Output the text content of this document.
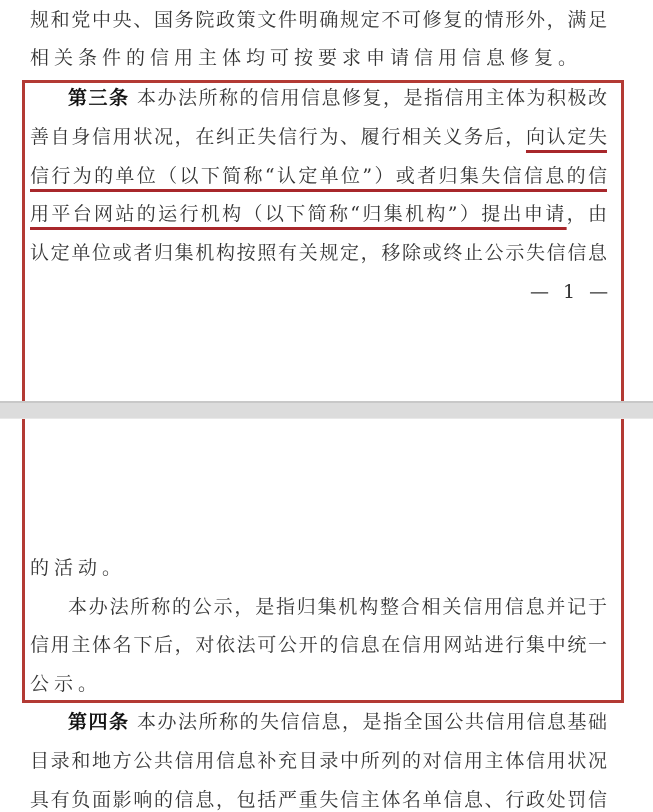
规和党中央、国务院政策文件明确规定不可修复的情形外，满足
相关条件的信用主体均可按要求申请信用信息修复。
第三条 本办法所称的信用信息修复，是指信用主体为积极改
善自身信用状况，在纠正失信行为、履行相关义务后，向认定失
信行为的单位（以下简称“认定单位”）或者归集失信信息的信
用平台网站的运行机构（以下简称“归集机构”）提出申请，由
认定单位或者归集机构按照有关规定，移除或终止公示失信信息
— 1 —
的活动。
本办法所称的公示，是指归集机构整合相关信用信息并记于
信用主体名下后，对依法可公开的信息在信用网站进行集中统一
公示。
第四条 本办法所称的失信信息，是指全国公共信用信息基础
目录和地方公共信用信息补充目录中所列的对信用主体信用状况
具有负面影响的信息，包括严重失信主体名单信息、行政处罚信
